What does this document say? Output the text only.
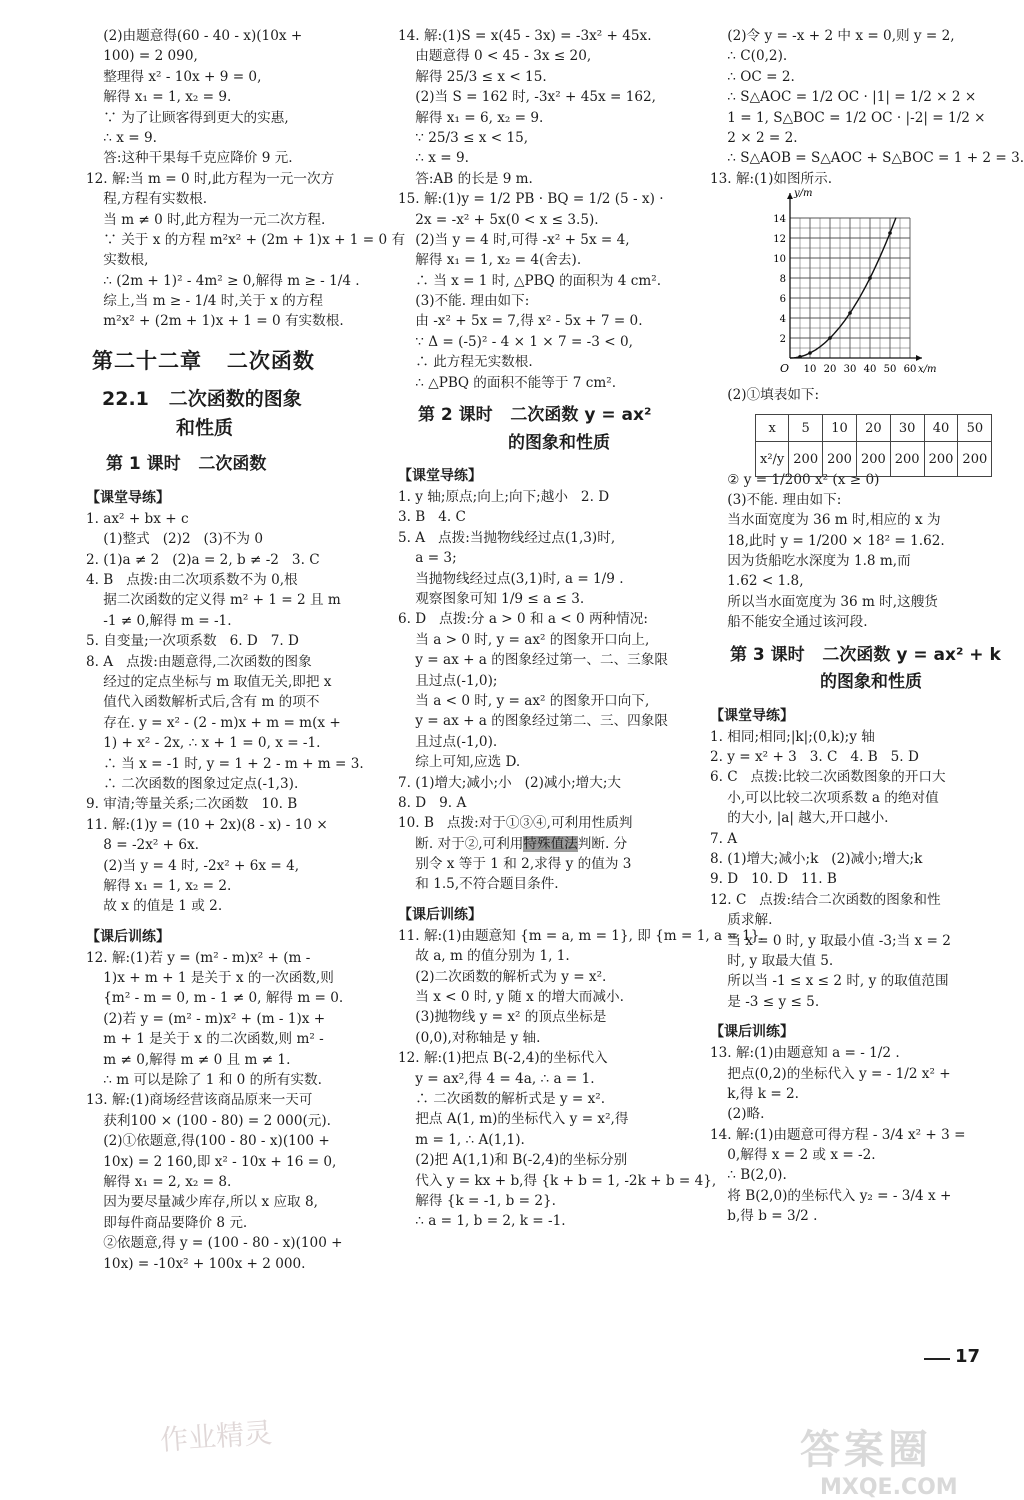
(2)由题意得(60 - 40 - x)(10x +
100) = 2 090,
整理得 x² - 10x + 9 = 0,
解得 x₁ = 1, x₂ = 9.
∵ 为了让顾客得到更大的实惠,
∴ x = 9.
答:这种干果每千克应降价 9 元.
12. 解:当 m = 0 时,此方程为一元一次方
程,方程有实数根.
当 m ≠ 0 时,此方程为一元二次方程.
∵ 关于 x 的方程 m²x² + (2m + 1)x + 1 = 0 有
实数根,
∴ (2m + 1)² - 4m² ≥ 0,解得 m ≥ - 1/4 .
综上,当 m ≥ - 1/4 时,关于 x 的方程
m²x² + (2m + 1)x + 1 = 0 有实数根.
第二十二章   二次函数
22.1   二次函数的图象
和性质
第 1 课时   二次函数
【课堂导练】
1. ax² + bx + c
(1)整式   (2)2   (3)不为 0
2. (1)a ≠ 2   (2)a = 2, b ≠ -2   3. C
4. B   点拨:由二次项系数不为 0,根
据二次函数的定义得 m² + 1 = 2 且 m
-1 ≠ 0,解得 m = -1.
5. 自变量;一次项系数   6. D   7. D
8. A   点拨:由题意得,二次函数的图象
经过的定点坐标与 m 取值无关,即把 x
值代入函数解析式后,含有 m 的项不
存在. y = x² - (2 - m)x + m = m(x +
1) + x² - 2x, ∴ x + 1 = 0, x = -1.
∴ 当 x = -1 时, y = 1 + 2 - m + m = 3.
∴ 二次函数的图象过定点(-1,3).
9. 审清;等量关系;二次函数   10. B
11. 解:(1)y = (10 + 2x)(8 - x) - 10 ×
8 = -2x² + 6x.
(2)当 y = 4 时, -2x² + 6x = 4,
解得 x₁ = 1, x₂ = 2.
故 x 的值是 1 或 2.
【课后训练】
12. 解:(1)若 y = (m² - m)x² + (m -
1)x + m + 1 是关于 x 的一次函数,则
{m² - m = 0, m - 1 ≠ 0, 解得 m = 0.
(2)若 y = (m² - m)x² + (m - 1)x +
m + 1 是关于 x 的二次函数,则 m² -
m ≠ 0,解得 m ≠ 0 且 m ≠ 1.
∴ m 可以是除了 1 和 0 的所有实数.
13. 解:(1)商场经营该商品原来一天可
获利100 × (100 - 80) = 2 000(元).
(2)①依题意,得(100 - 80 - x)(100 +
10x) = 2 160,即 x² - 10x + 16 = 0,
解得 x₁ = 2, x₂ = 8.
因为要尽量减少库存,所以 x 应取 8,
即每件商品要降价 8 元.
②依题意,得 y = (100 - 80 - x)(100 +
10x) = -10x² + 100x + 2 000.
14. 解:(1)S = x(45 - 3x) = -3x² + 45x.
由题意得 0 < 45 - 3x ≤ 20,
解得 25/3 ≤ x < 15.
(2)当 S = 162 时, -3x² + 45x = 162,
解得 x₁ = 6, x₂ = 9.
∵ 25/3 ≤ x < 15,
∴ x = 9.
答:AB 的长是 9 m.
15. 解:(1)y = 1/2 PB · BQ = 1/2 (5 - x) ·
2x = -x² + 5x(0 < x ≤ 3.5).
(2)当 y = 4 时,可得 -x² + 5x = 4,
解得 x₁ = 1, x₂ = 4(舍去).
∴ 当 x = 1 时, △PBQ 的面积为 4 cm².
(3)不能. 理由如下:
由 -x² + 5x = 7,得 x² - 5x + 7 = 0.
∵ Δ = (-5)² - 4 × 1 × 7 = -3 < 0,
∴ 此方程无实数根.
∴ △PBQ 的面积不能等于 7 cm².
第 2 课时   二次函数 y = ax²
的图象和性质
【课堂导练】
1. y 轴;原点;向上;向下;越小   2. D
3. B   4. C
5. A   点拨:当抛物线经过点(1,3)时,
a = 3;
当抛物线经过点(3,1)时, a = 1/9 .
观察图象可知 1/9 ≤ a ≤ 3.
6. D   点拨:分 a > 0 和 a < 0 两种情况:
当 a > 0 时, y = ax² 的图象开口向上,
y = ax + a 的图象经过第一、二、三象限
且过点(-1,0);
当 a < 0 时, y = ax² 的图象开口向下,
y = ax + a 的图象经过第二、三、四象限
且过点(-1,0).
综上可知,应选 D.
7. (1)增大;减小;小   (2)减小;增大;大
8. D   9. A
10. B   点拨:对于①③④,可利用性质判
断. 对于②,可利用特殊值法判断. 分
别令 x 等于 1 和 2,求得 y 的值为 3
和 1.5,不符合题目条件.
【课后训练】
11. 解:(1)由题意知 {m = a, m = 1}, 即 {m = 1, a = 1}.
故 a, m 的值分别为 1, 1.
(2)二次函数的解析式为 y = x².
当 x < 0 时, y 随 x 的增大而减小.
(3)抛物线 y = x² 的顶点坐标是
(0,0),对称轴是 y 轴.
12. 解:(1)把点 B(-2,4)的坐标代入
y = ax²,得 4 = 4a, ∴ a = 1.
∴ 二次函数的解析式是 y = x².
把点 A(1, m)的坐标代入 y = x²,得
m = 1, ∴ A(1,1).
(2)把 A(1,1)和 B(-2,4)的坐标分别
代入 y = kx + b,得 {k + b = 1, -2k + b = 4},
解得 {k = -1, b = 2}.
∴ a = 1, b = 2, k = -1.
(2)令 y = -x + 2 中 x = 0,则 y = 2,
∴ C(0,2).
∴ OC = 2.
∴ S△AOC = 1/2 OC · |1| = 1/2 × 2 ×
1 = 1, S△BOC = 1/2 OC · |-2| = 1/2 ×
2 × 2 = 2.
∴ S△AOB = S△AOC + S△BOC = 1 + 2 = 3.
13. 解:(1)如图所示.
(2)①填表如下:
② y = 1/200 x² (x ≥ 0)
(3)不能. 理由如下:
当水面宽度为 36 m 时,相应的 x 为
18,此时 y = 1/200 × 18² = 1.62.
因为货船吃水深度为 1.8 m,而
1.62 < 1.8,
所以当水面宽度为 36 m 时,这艘货
船不能安全通过该河段.
第 3 课时   二次函数 y = ax² + k
的图象和性质
【课堂导练】
1. 相同;相同;|k|;(0,k);y 轴
2. y = x² + 3   3. C   4. B   5. D
6. C   点拨:比较二次函数图象的开口大
小,可以比较二次项系数 a 的绝对值
的大小, |a| 越大,开口越小.
7. A
8. (1)增大;减小;k   (2)减小;增大;k
9. D   10. D   11. B
12. C   点拨:结合二次函数的图象和性
质求解.
当 x = 0 时, y 取最小值 -3;当 x = 2
时, y 取最大值 5.
所以当 -1 ≤ x ≤ 2 时, y 的取值范围
是 -3 ≤ y ≤ 5.
【课后训练】
13. 解:(1)由题意知 a = - 1/2 .
把点(0,2)的坐标代入 y = - 1/2 x² +
k,得 k = 2.
(2)略.
14. 解:(1)由题意可得方程 - 3/4 x² + 3 =
0,解得 x = 2 或 x = -2.
∴ B(2,0).
将 B(2,0)的坐标代入 y₂ = - 3/4 x +
b,得 b = 3/2 .
10 20 30 40 50 60
2
4
6
8
10
12
14
O	x/m
y/m
x	5	10	20	30	40	50
x²/y	200	200	200	200	200	200
17
作业精灵	答案圈
MXQE.COM
